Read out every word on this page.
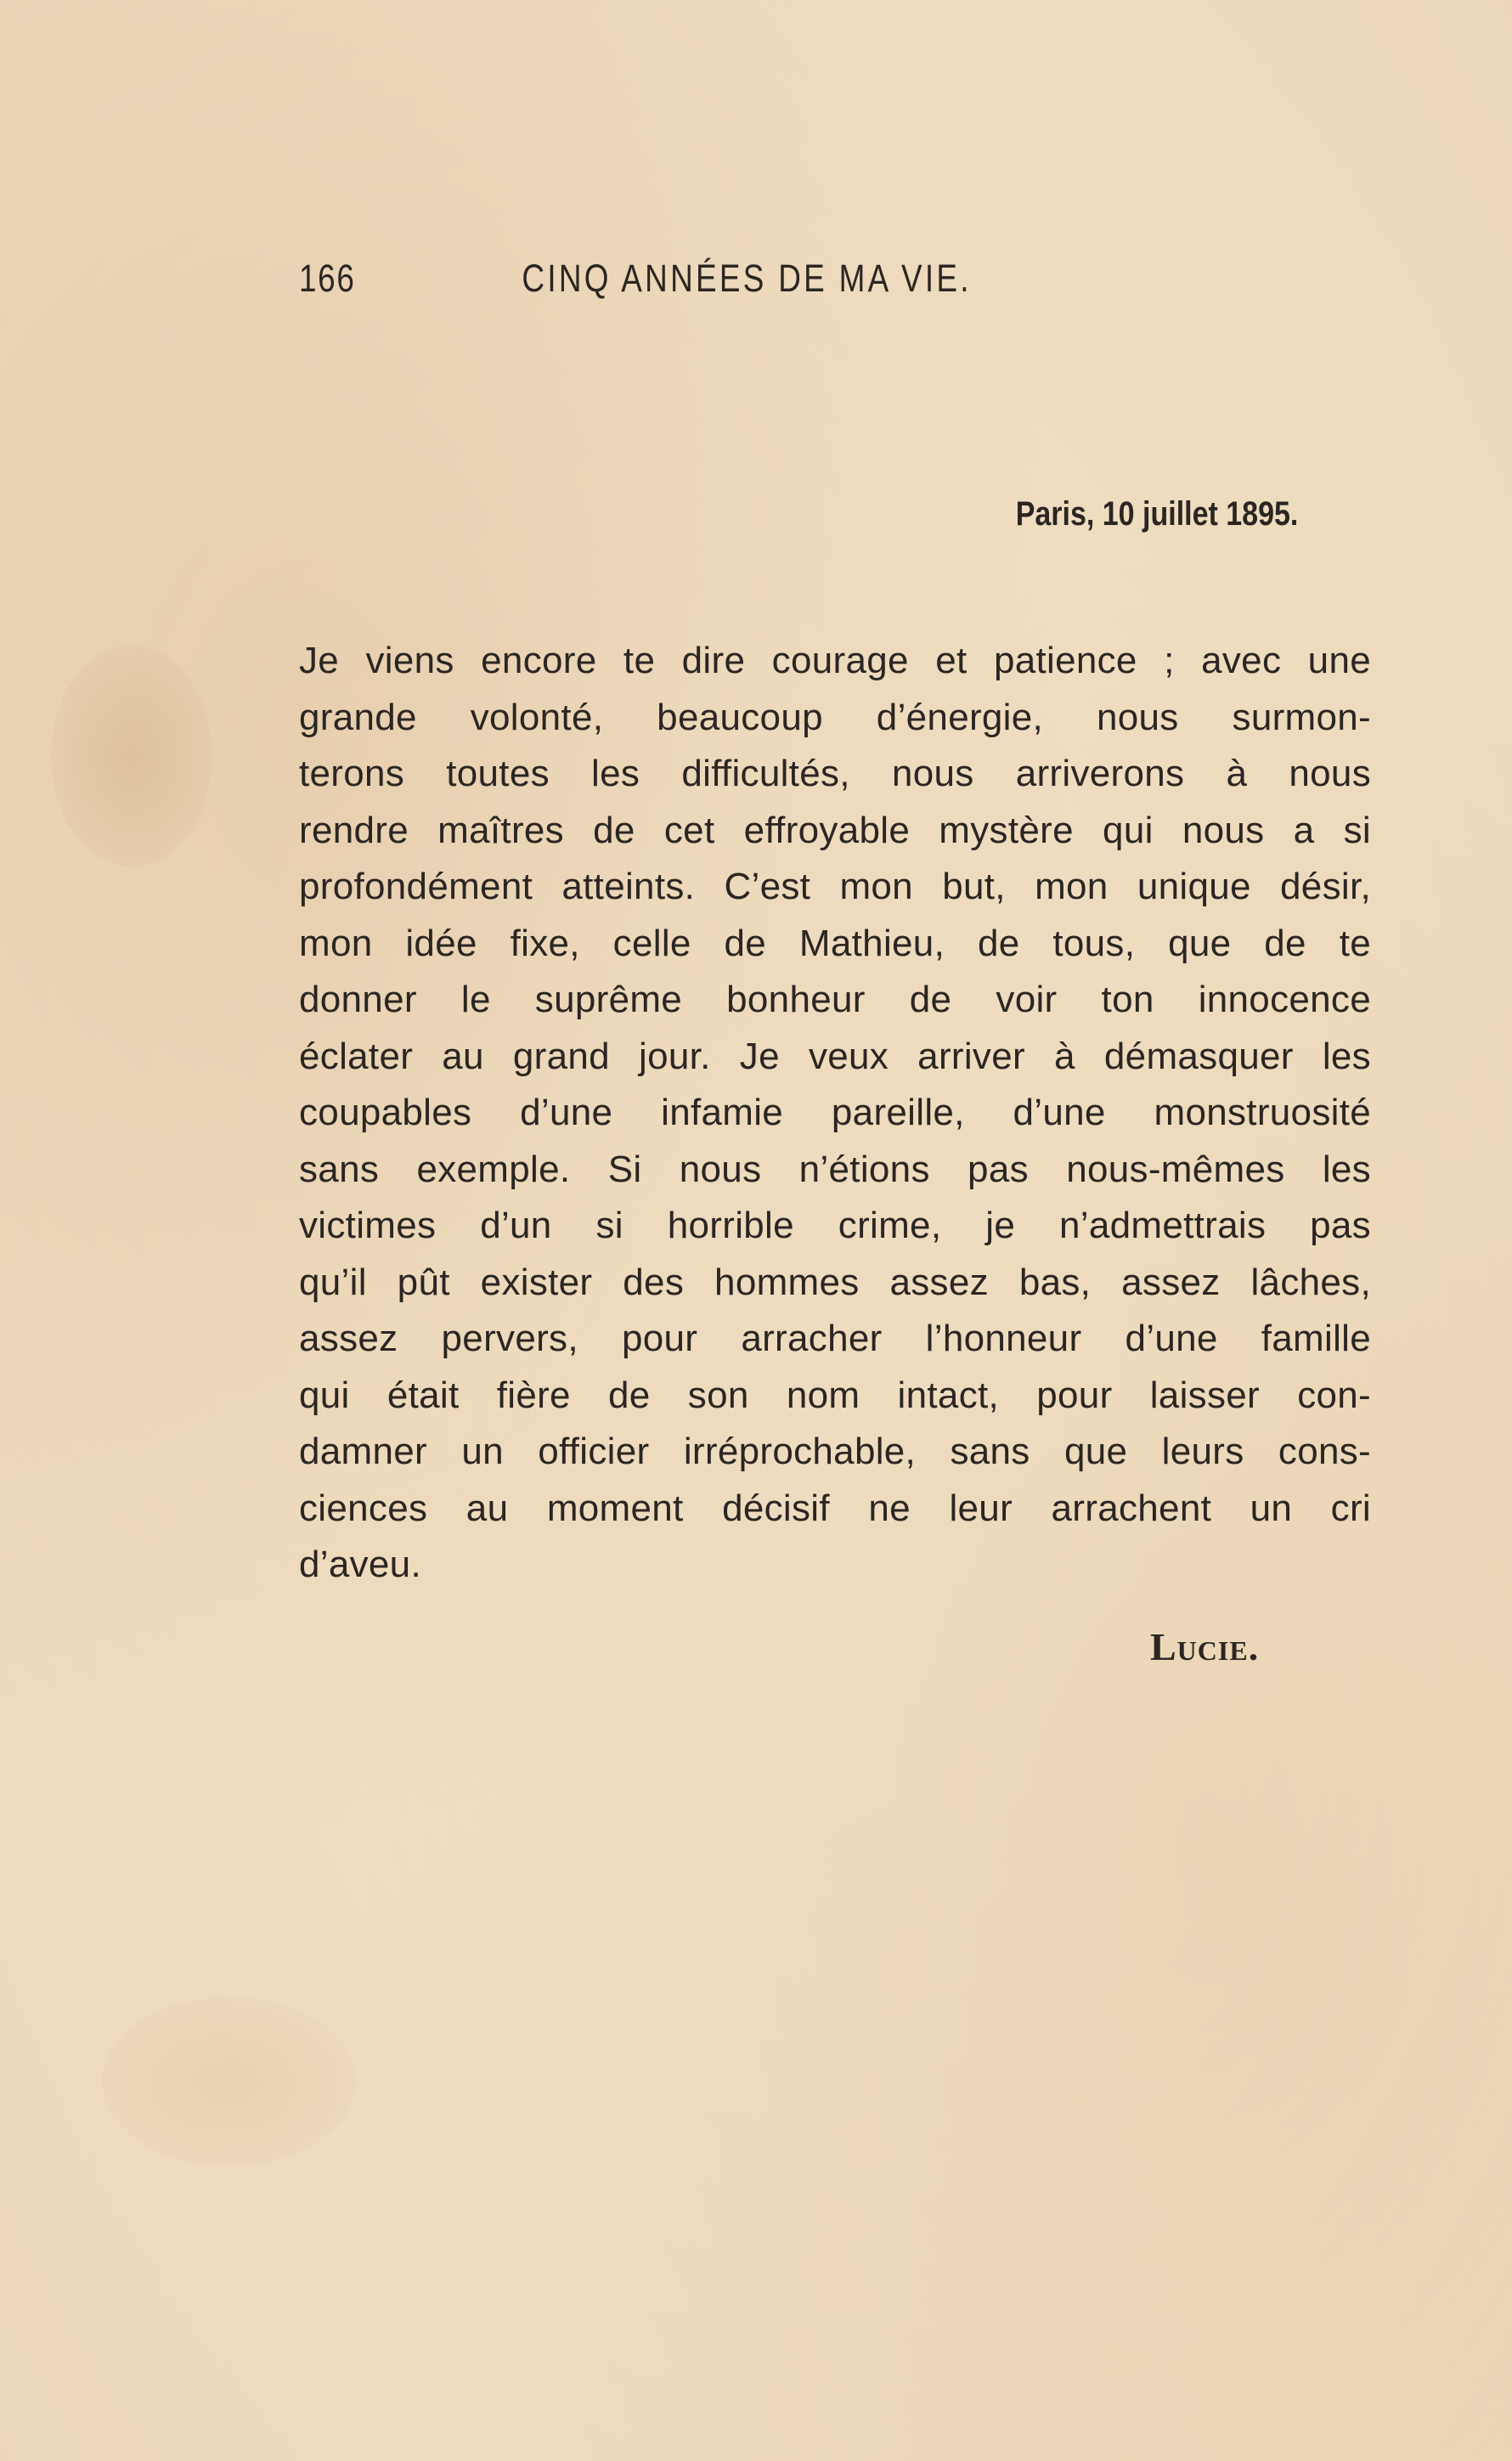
166	CINQ ANNÉES DE MA VIE.
Paris, 10 juillet 1895.
Je viens encore te dire courage et patience ; avec une
grande volonté, beaucoup d’énergie, nous surmon-
terons toutes les difficultés, nous arriverons à nous
rendre maîtres de cet effroyable mystère qui nous a si
profondément atteints. C’est mon but, mon unique désir,
mon idée fixe, celle de Mathieu, de tous, que de te
donner le suprême bonheur de voir ton innocence
éclater au grand jour. Je veux arriver à démasquer les
coupables d’une infamie pareille, d’une monstruosité
sans exemple. Si nous n’étions pas nous-mêmes les
victimes d’un si horrible crime, je n’admettrais pas
qu’il pût exister des hommes assez bas, assez lâches,
assez pervers, pour arracher l’honneur d’une famille
qui était fière de son nom intact, pour laisser con-
damner un officier irréprochable, sans que leurs cons-
ciences au moment décisif ne leur arrachent un cri
d’aveu.
Lucie.
